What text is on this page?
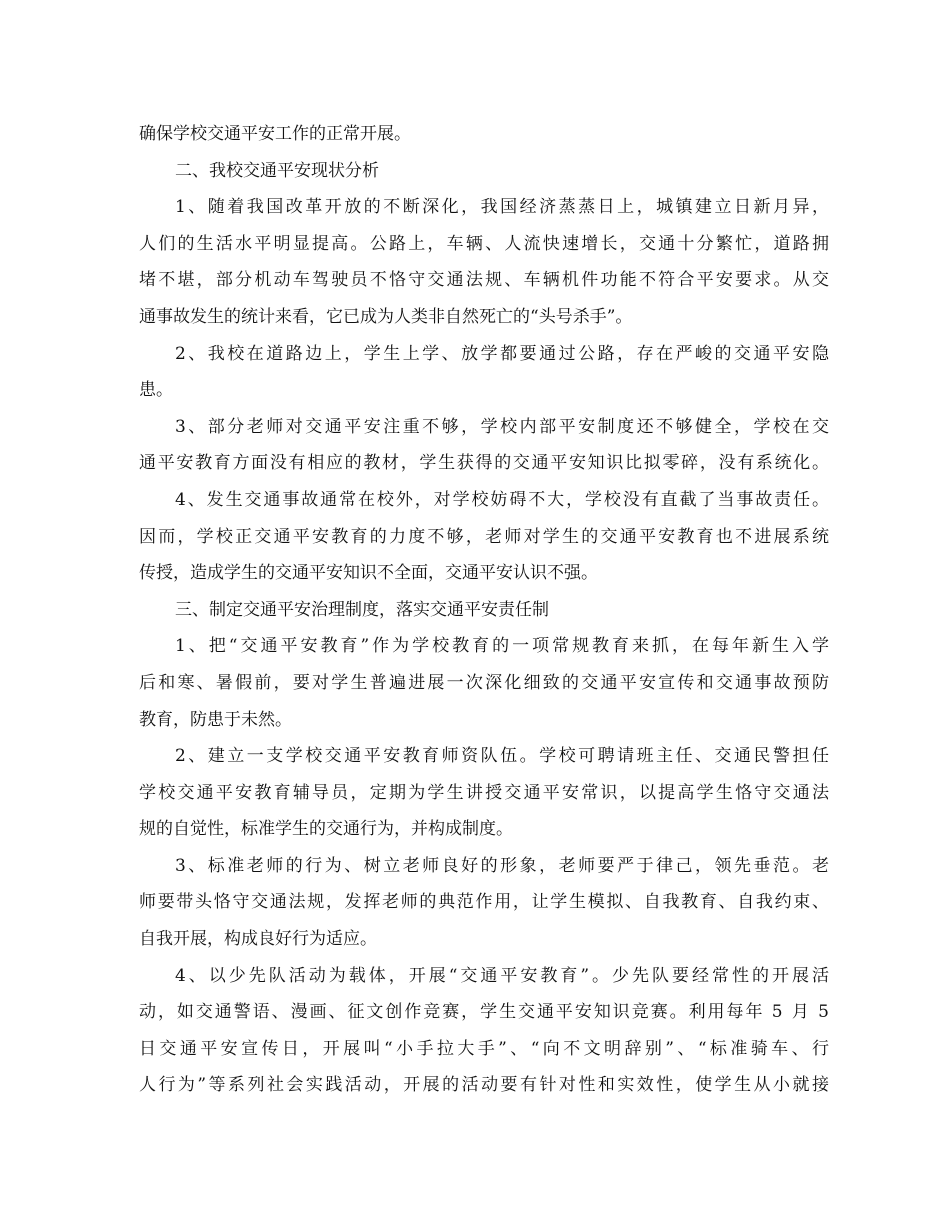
确保学校交通平安工作的正常开展。
二、我校交通平安现状分析
1、随着我国改革开放的不断深化，我国经济蒸蒸日上，城镇建立日新月异，
人们的生活水平明显提高。公路上，车辆、人流快速增长，交通十分繁忙，道路拥
堵不堪，部分机动车驾驶员不恪守交通法规、车辆机件功能不符合平安要求。从交
通事故发生的统计来看，它已成为人类非自然死亡的“头号杀手”。
2、我校在道路边上，学生上学、放学都要通过公路，存在严峻的交通平安隐
患。
3、部分老师对交通平安注重不够，学校内部平安制度还不够健全，学校在交
通平安教育方面没有相应的教材，学生获得的交通平安知识比拟零碎，没有系统化。
4、发生交通事故通常在校外，对学校妨碍不大，学校没有直截了当事故责任。
因而，学校正交通平安教育的力度不够，老师对学生的交通平安教育也不进展系统
传授，造成学生的交通平安知识不全面，交通平安认识不强。
三、制定交通平安治理制度，落实交通平安责任制
1、把“交通平安教育”作为学校教育的一项常规教育来抓，在每年新生入学
后和寒、暑假前，要对学生普遍进展一次深化细致的交通平安宣传和交通事故预防
教育，防患于未然。
2、建立一支学校交通平安教育师资队伍。学校可聘请班主任、交通民警担任
学校交通平安教育辅导员，定期为学生讲授交通平安常识，以提高学生恪守交通法
规的自觉性，标准学生的交通行为，并构成制度。
3、标准老师的行为、树立老师良好的形象，老师要严于律己，领先垂范。老
师要带头恪守交通法规，发挥老师的典范作用，让学生模拟、自我教育、自我约束、
自我开展，构成良好行为适应。
4、以少先队活动为载体，开展“交通平安教育”。少先队要经常性的开展活
动，如交通警语、漫画、征文创作竞赛，学生交通平安知识竞赛。利用每年 5 月 5
日交通平安宣传日，开展叫“小手拉大手”、“向不文明辞别”、“标准骑车、行
人行为”等系列社会实践活动，开展的活动要有针对性和实效性，使学生从小就接
